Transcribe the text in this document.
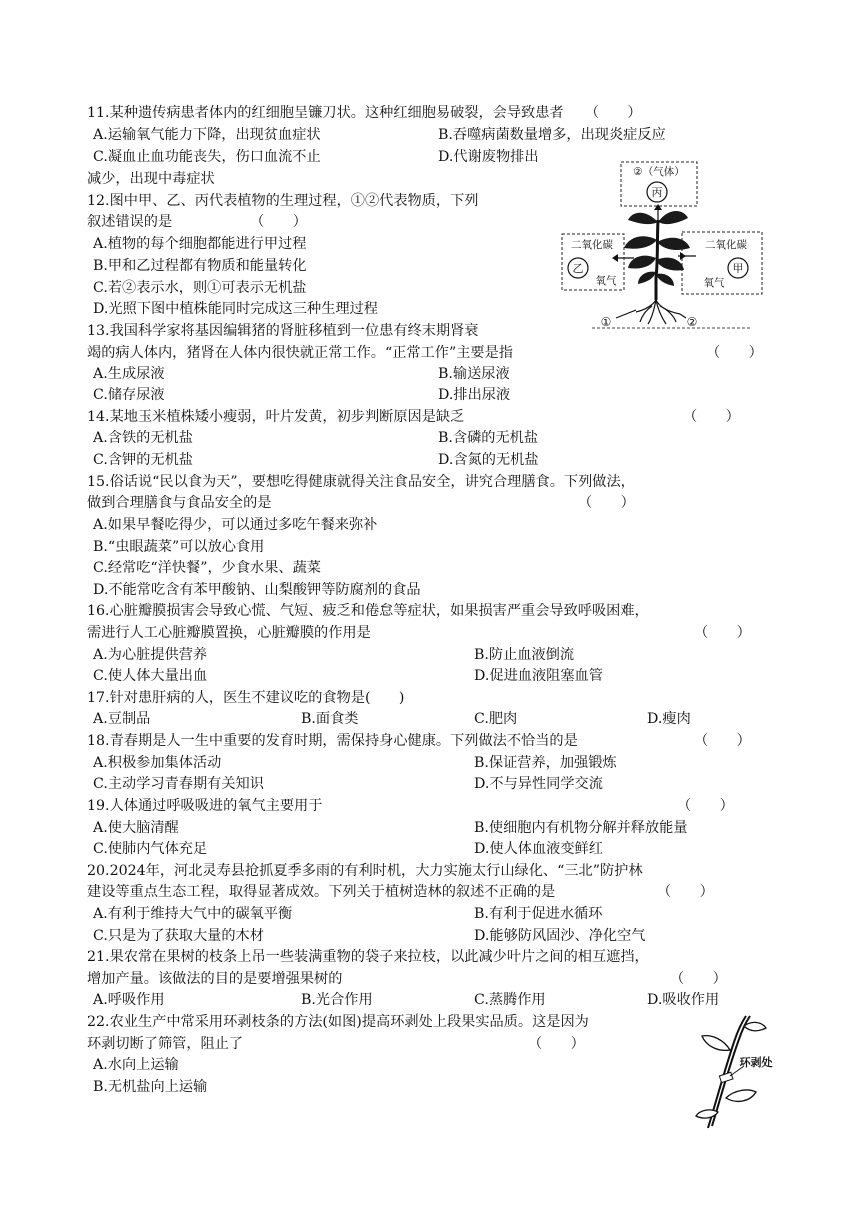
11.某种遗传病患者体内的红细胞呈镰刀状。这种红细胞易破裂，会导致患者　　（　　）
A.运输氧气能力下降，出现贫血症状	B.吞噬病菌数量增多，出现炎症反应
C.凝血止血功能丧失，伤口血流不止	D.代谢废物排出
减少，出现中毒症状
12.图中甲、乙、丙代表植物的生理过程，①②代表物质，下列
叙述错误的是　　　　　　（　　）
A.植物的每个细胞都能进行甲过程
B.甲和乙过程都有物质和能量转化
C.若②表示水，则①可表示无机盐
D.光照下图中植株能同时完成这三种生理过程
13.我国科学家将基因编辑猪的肾脏移植到一位患有终末期肾衰
竭的病人体内，猪肾在人体内很快就正常工作。“正常工作”主要是指	（　　）
A.生成尿液	B.输送尿液
C.储存尿液	D.排出尿液
14.某地玉米植株矮小瘦弱，叶片发黄，初步判断原因是缺乏	（　　）
A.含铁的无机盐	B.含磷的无机盐
C.含钾的无机盐	D.含氮的无机盐
15.俗话说“民以食为天”，要想吃得健康就得关注食品安全，讲究合理膳食。下列做法，
做到合理膳食与食品安全的是	（　　）
A.如果早餐吃得少，可以通过多吃午餐来弥补
B.“虫眼蔬菜”可以放心食用
C.经常吃“洋快餐”，少食水果、蔬菜
D.不能常吃含有苯甲酸钠、山梨酸钾等防腐剂的食品
16.心脏瓣膜损害会导致心慌、气短、疲乏和倦怠等症状，如果损害严重会导致呼吸困难，
需进行人工心脏瓣膜置换，心脏瓣膜的作用是	（　　）
A.为心脏提供营养	B.防止血液倒流
C.使人体大量出血	D.促进血液阻塞血管
17.针对患肝病的人，医生不建议吃的食物是(　　)
A.豆制品	B.面食类	C.肥肉	D.瘦肉
18.青春期是人一生中重要的发育时期，需保持身心健康。下列做法不恰当的是	（　　）
A.积极参加集体活动	B.保证营养，加强锻炼
C.主动学习青春期有关知识	D.不与异性同学交流
19.人体通过呼吸吸进的氧气主要用于	（　　）
A.使大脑清醒	B.使细胞内有机物分解并释放能量
C.使肺内气体充足	D.使人体血液变鲜红
20.2024年，河北灵寿县抢抓夏季多雨的有利时机，大力实施太行山绿化、“三北”防护林
建设等重点生态工程，取得显著成效。下列关于植树造林的叙述不正确的是	（　　）
A.有利于维持大气中的碳氧平衡	B.有利于促进水循环
C.只是为了获取大量的木材	D.能够防风固沙、净化空气
21.果农常在果树的枝条上吊一些装满重物的袋子来拉枝，以此减少叶片之间的相互遮挡，
增加产量。该做法的目的是要增强果树的	（　　）
A.呼吸作用	B.光合作用	C.蒸腾作用	D.吸收作用
22.农业生产中常采用环剥枝条的方法(如图)提高环剥处上段果实品质。这是因为
环剥切断了筛管，阻止了	（　　）
A.水向上运输
B.无机盐向上运输
②（气体）
丙
二氧化碳
乙
氧气
二氧化碳
甲
氧气
①	②
环剥处
